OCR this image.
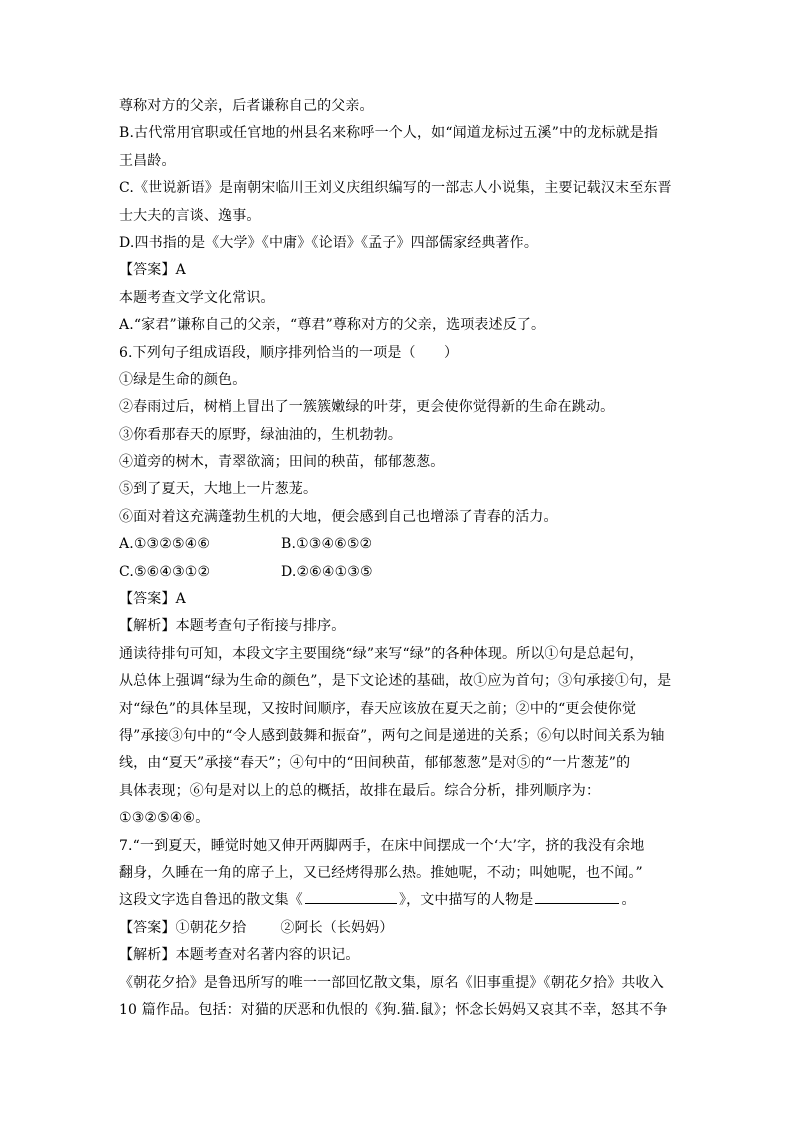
尊称对方的父亲，后者谦称自己的父亲。
B.古代常用官职或任官地的州县名来称呼一个人，如“闻道龙标过五溪”中的龙标就是指
王昌龄。
C.《世说新语》是南朝宋临川王刘义庆组织编写的一部志人小说集，主要记载汉末至东晋
士大夫的言谈、逸事。
D.四书指的是《大学》《中庸》《论语》《孟子》四部儒家经典著作。
【答案】A
本题考查文学文化常识。
A.“家君”谦称自己的父亲，“尊君”尊称对方的父亲，选项表述反了。
6.下列句子组成语段，顺序排列恰当的一项是（　　）
①绿是生命的颜色。
②春雨过后，树梢上冒出了一簇簇嫩绿的叶芽，更会使你觉得新的生命在跳动。
③你看那春天的原野，绿油油的，生机勃勃。
④道旁的树木，青翠欲滴；田间的秧苗，郁郁葱葱。
⑤到了夏天，大地上一片葱茏。
⑥面对着这充满蓬勃生机的大地，便会感到自己也增添了青春的活力。
A.①③②⑤④⑥	B.①③④⑥⑤②
C.⑤⑥④③①②	D.②⑥④①③⑤
【答案】A
【解析】本题考查句子衔接与排序。
通读待排句可知，本段文字主要围绕“绿”来写“绿”的各种体现。所以①句是总起句，
从总体上强调“绿为生命的颜色”，是下文论述的基础，故①应为首句；③句承接①句，是
对“绿色”的具体呈现，又按时间顺序，春天应该放在夏天之前；②中的“更会使你觉
得”承接③句中的“令人感到鼓舞和振奋”，两句之间是递进的关系；⑥句以时间关系为轴
线，由“夏天”承接“春天”；④句中的“田间秧苗，郁郁葱葱”是对⑤的“一片葱茏”的
具体表现；⑥句是对以上的总的概括，故排在最后。综合分析，排列顺序为：
①③②⑤④⑥。
7.“一到夏天，睡觉时她又伸开两脚两手，在床中间摆成一个‘大’字，挤的我没有余地
翻身，久睡在一角的席子上，又已经烤得那么热。推她呢，不动；叫她呢，也不闻。”
这段文字选自鲁迅的散文集《	》，文中描写的人物是	。
【答案】①朝花夕拾 ②阿长（长妈妈）
【解析】本题考查对名著内容的识记。
《朝花夕拾》是鲁迅所写的唯一一部回忆散文集，原名《旧事重提》《朝花夕拾》共收入
10 篇作品。包括：对猫的厌恶和仇恨的《狗.猫.鼠》；怀念长妈妈又哀其不幸，怒其不争
